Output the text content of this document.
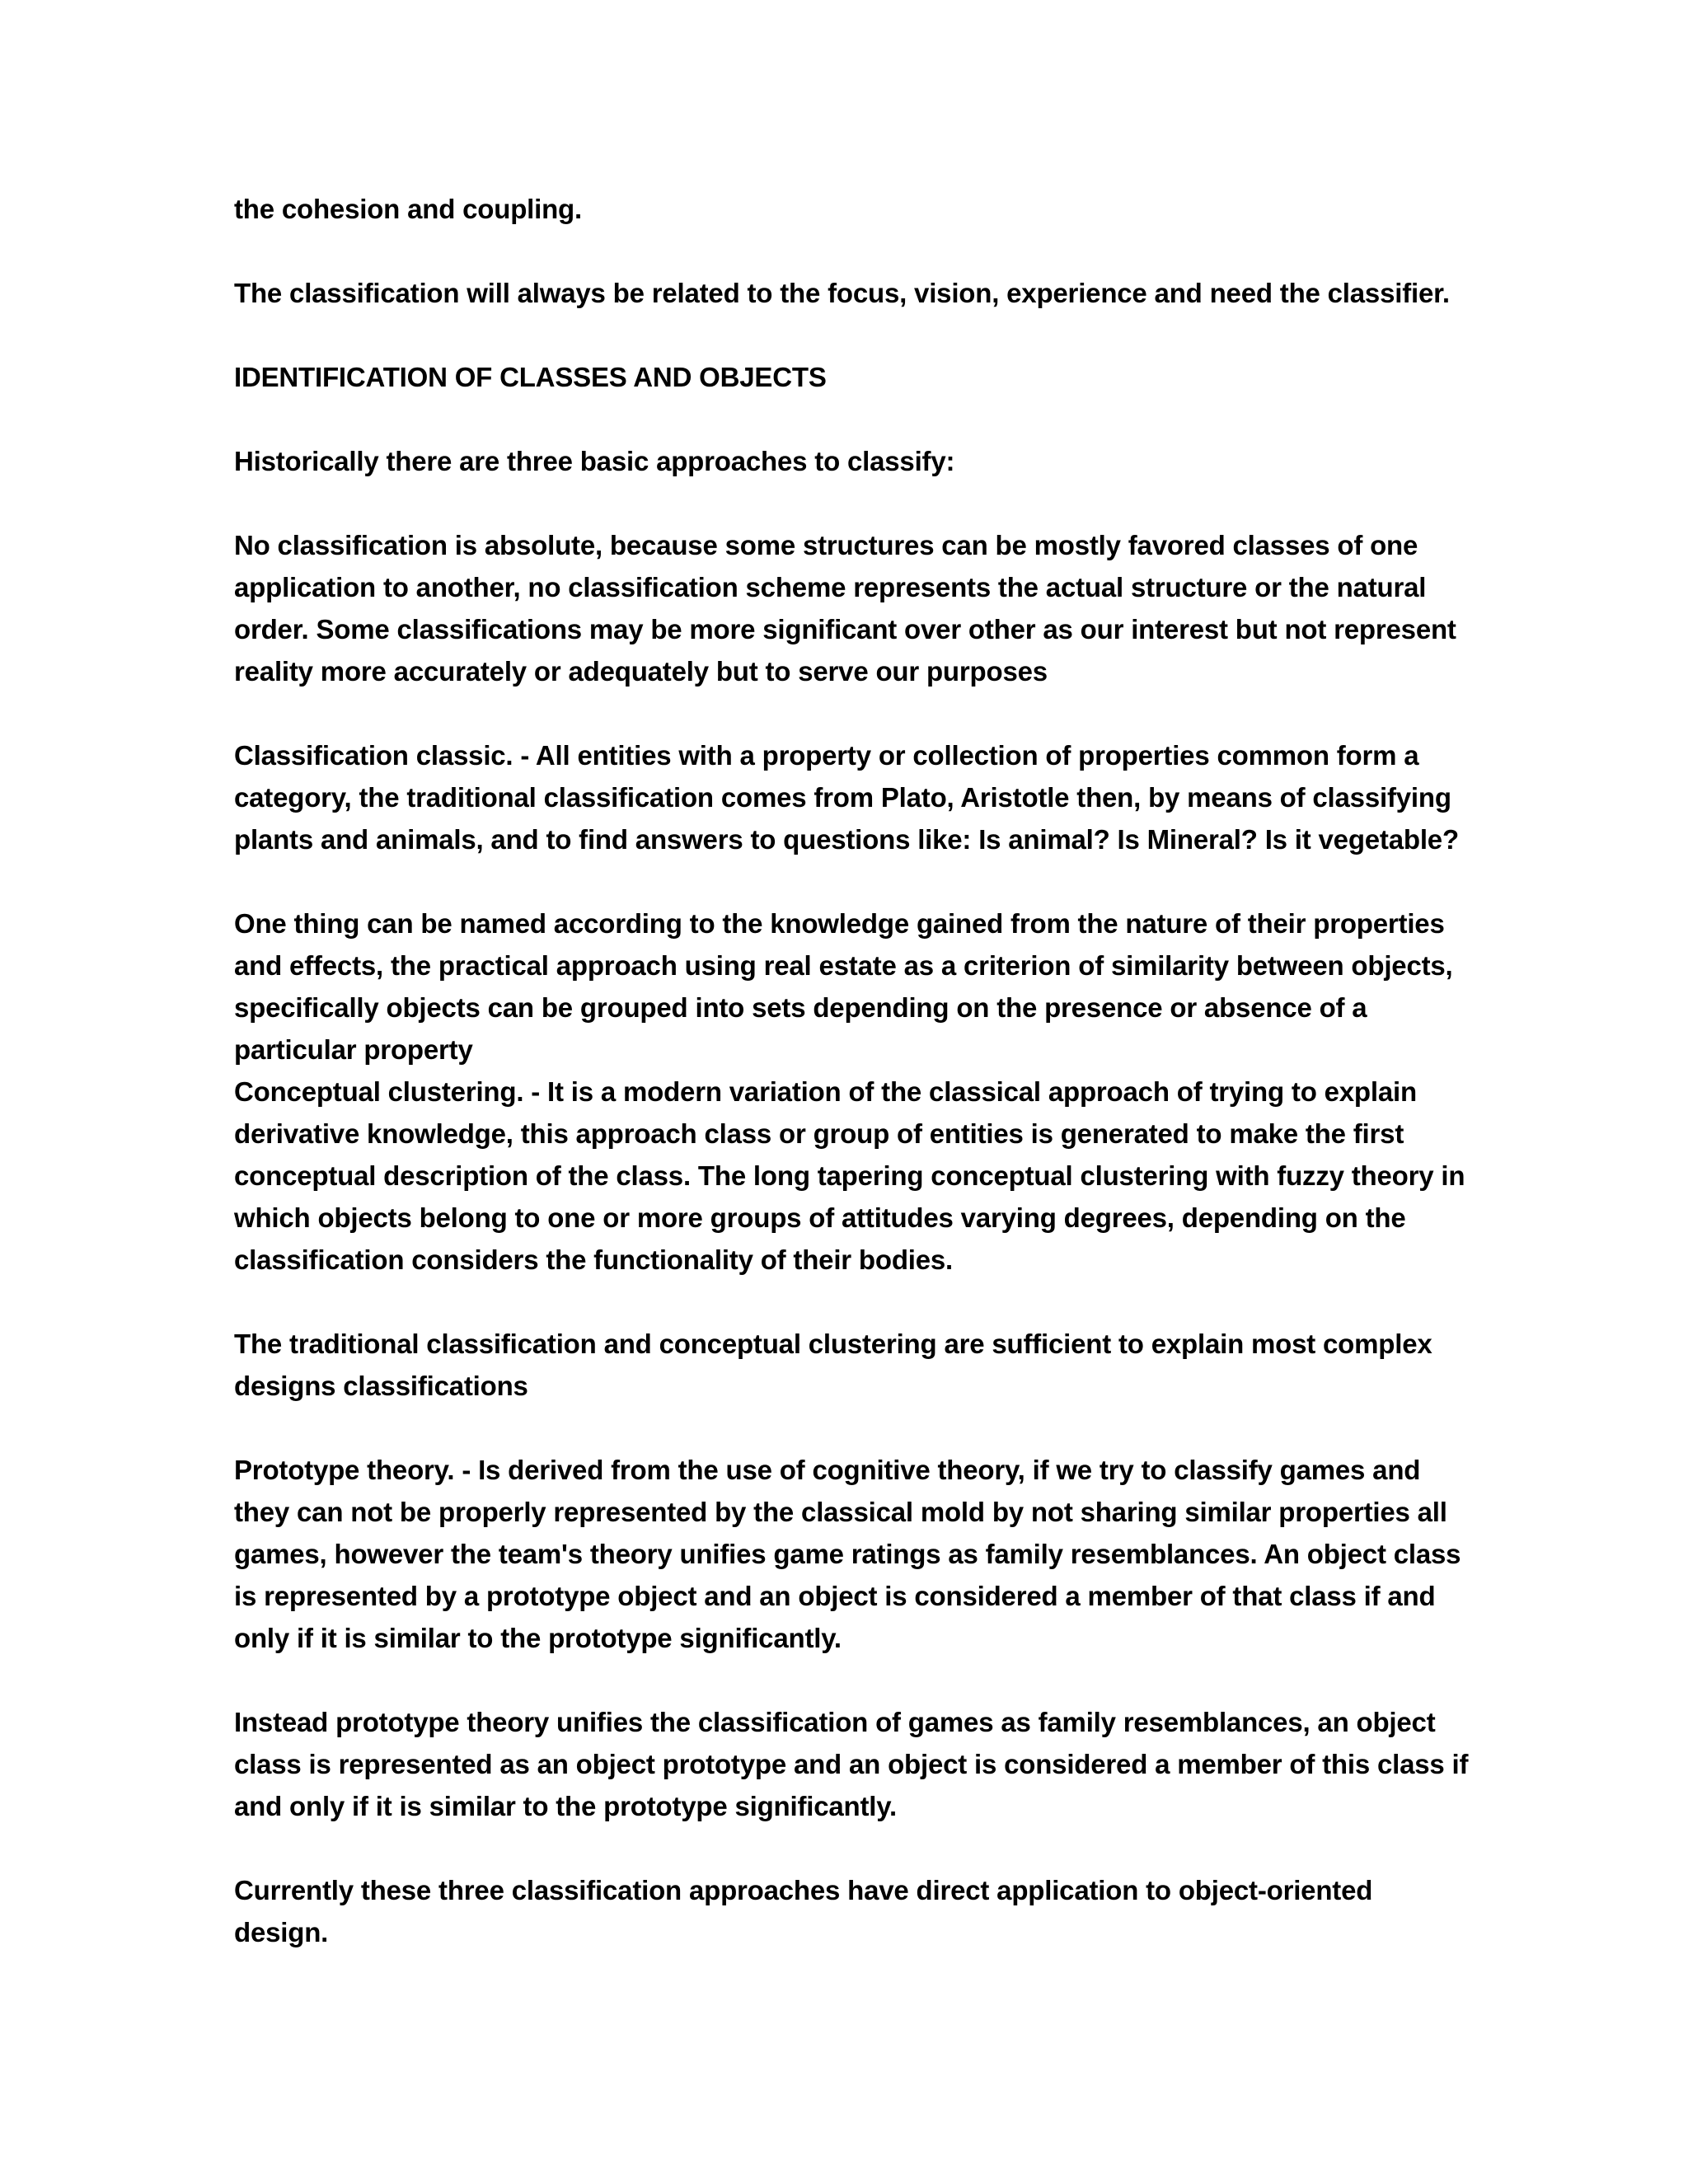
the cohesion and coupling.

The classification will always be related to the focus, vision, experience and need the classifier.

IDENTIFICATION OF CLASSES AND OBJECTS

Historically there are three basic approaches to classify:

No classification is absolute, because some structures can be mostly favored classes of one
application to another, no classification scheme represents the actual structure or the natural
order. Some classifications may be more significant over other as our interest but not represent
reality more accurately or adequately but to serve our purposes

Classification classic. - All entities with a property or collection of properties common form a
category, the traditional classification comes from Plato, Aristotle then, by means of classifying
plants and animals, and to find answers to questions like: Is animal? Is Mineral? Is it vegetable?

One thing can be named according to the knowledge gained from the nature of their properties
and effects, the practical approach using real estate as a criterion of similarity between objects,
specifically objects can be grouped into sets depending on the presence or absence of a
particular property

Conceptual clustering. - It is a modern variation of the classical approach of trying to explain
derivative knowledge, this approach class or group of entities is generated to make the first
conceptual description of the class. The long tapering conceptual clustering with fuzzy theory in
which objects belong to one or more groups of attitudes varying degrees, depending on the
classification considers the functionality of their bodies.

The traditional classification and conceptual clustering are sufficient to explain most complex
designs classifications

Prototype theory. - Is derived from the use of cognitive theory, if we try to classify games and
they can not be properly represented by the classical mold by not sharing similar properties all
games, however the team's theory unifies game ratings as family resemblances. An object class
is represented by a prototype object and an object is considered a member of that class if and
only if it is similar to the prototype significantly.

Instead prototype theory unifies the classification of games as family resemblances, an object
class is represented as an object prototype and an object is considered a member of this class if
and only if it is similar to the prototype significantly.

Currently these three classification approaches have direct application to object-oriented
design.
